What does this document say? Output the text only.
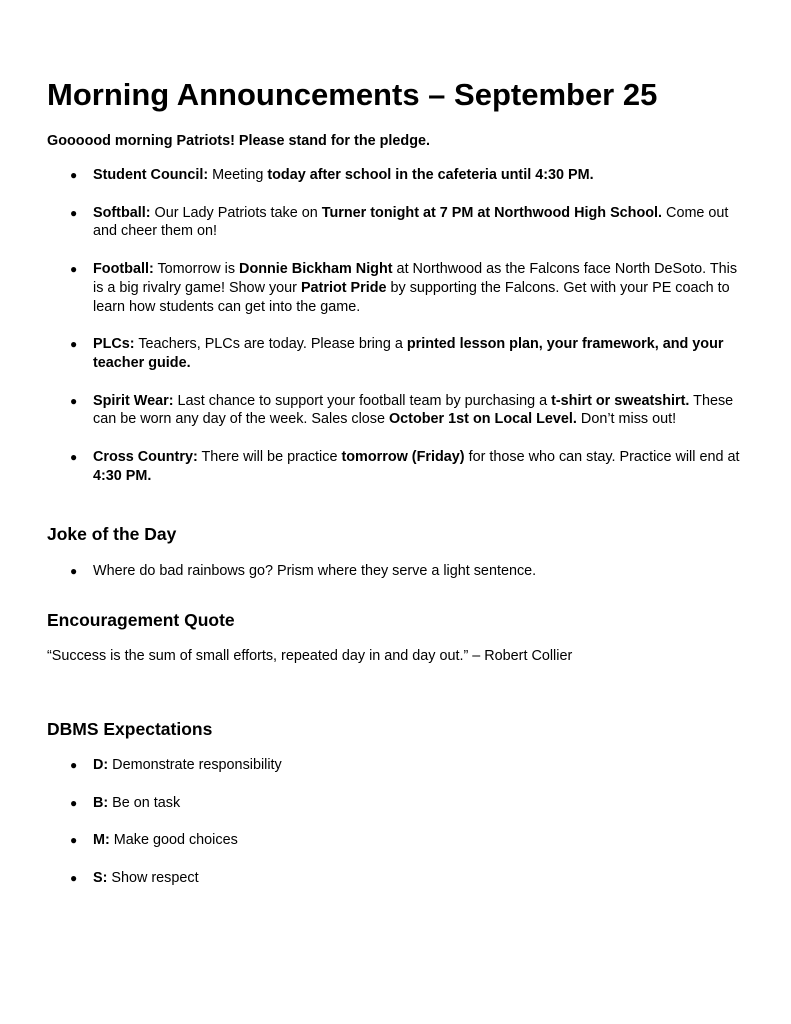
Morning Announcements – September 25

Goooood morning Patriots! Please stand for the pledge.

● Student Council: Meeting today after school in the cafeteria until 4:30 PM.
● Softball: Our Lady Patriots take on Turner tonight at 7 PM at Northwood High School. Come out and cheer them on!
● Football: Tomorrow is Donnie Bickham Night at Northwood as the Falcons face North DeSoto. This is a big rivalry game! Show your Patriot Pride by supporting the Falcons. Get with your PE coach to learn how students can get into the game.
● PLCs: Teachers, PLCs are today. Please bring a printed lesson plan, your framework, and your teacher guide.
● Spirit Wear: Last chance to support your football team by purchasing a t-shirt or sweatshirt. These can be worn any day of the week. Sales close October 1st on Local Level. Don’t miss out!
● Cross Country: There will be practice tomorrow (Friday) for those who can stay. Practice will end at 4:30 PM.
Joke of the Day
● Where do bad rainbows go? Prism where they serve a light sentence.
Encouragement Quote

“Success is the sum of small efforts, repeated day in and day out.” – Robert Collier

DBMS Expectations
● D: Demonstrate responsibility
● B: Be on task
● M: Make good choices
● S: Show respect
